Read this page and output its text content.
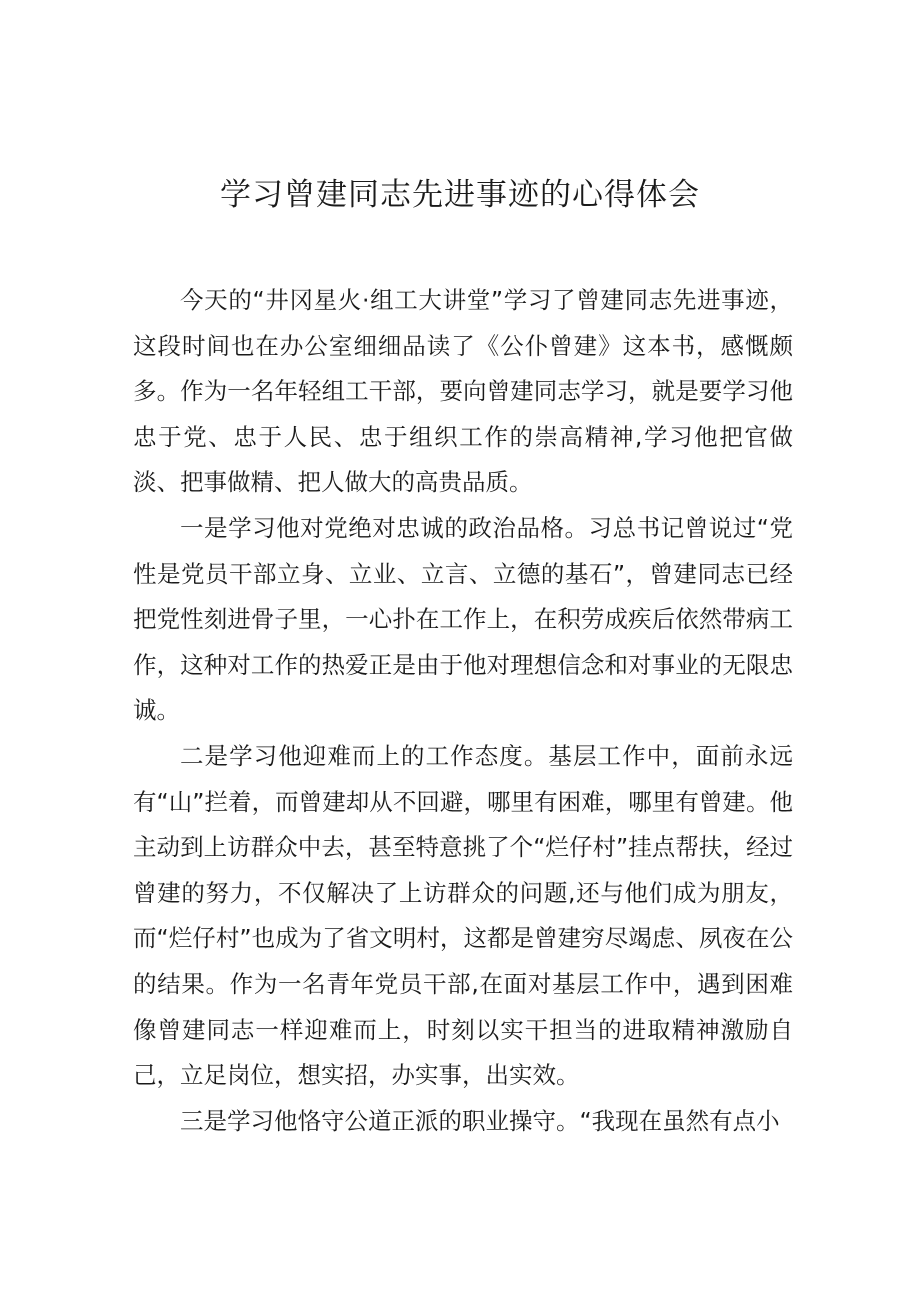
学习曾建同志先进事迹的心得体会

今天的“井冈星火·组工大讲堂”学习了曾建同志先进事迹，这段时间也在办公室细细品读了《公仆曾建》这本书，感慨颇多。作为一名年轻组工干部，要向曾建同志学习，就是要学习他忠于党、忠于人民、忠于组织工作的崇高精神,学习他把官做淡、把事做精、把人做大的高贵品质。

一是学习他对党绝对忠诚的政治品格。习总书记曾说过“党性是党员干部立身、立业、立言、立德的基石”，曾建同志已经把党性刻进骨子里，一心扑在工作上，在积劳成疾后依然带病工作，这种对工作的热爱正是由于他对理想信念和对事业的无限忠诚。

二是学习他迎难而上的工作态度。基层工作中，面前永远有“山”拦着，而曾建却从不回避，哪里有困难，哪里有曾建。他主动到上访群众中去，甚至特意挑了个“烂仔村”挂点帮扶，经过曾建的努力，不仅解决了上访群众的问题,还与他们成为朋友，而“烂仔村”也成为了省文明村，这都是曾建穷尽竭虑、夙夜在公的结果。作为一名青年党员干部,在面对基层工作中，遇到困难像曾建同志一样迎难而上，时刻以实干担当的进取精神激励自己，立足岗位，想实招，办实事，出实效。

三是学习他恪守公道正派的职业操守。“我现在虽然有点小
